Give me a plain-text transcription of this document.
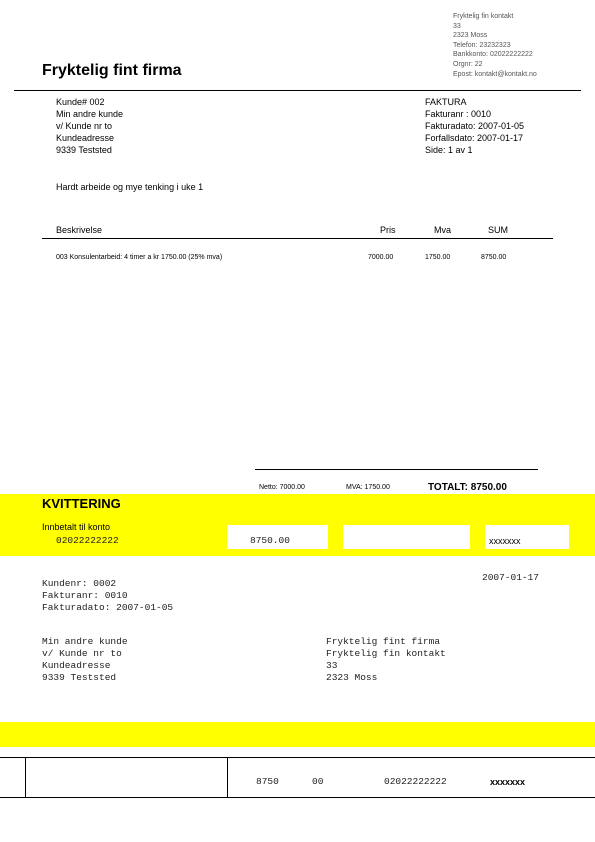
Fryktelig fin kontakt
33
2323 Moss
Telefon: 23232323
Bankkonto: 02022222222
Orgnr: 22
Epost: kontakt@kontakt.no
Fryktelig fint firma
Kunde# 002
Min andre kunde
v/ Kunde nr to
Kundeadresse
9339 Teststed
FAKTURA
Fakturanr : 0010
Fakturadato: 2007-01-05
Forfallsdato: 2007-01-17
Side: 1 av 1
Hardt arbeide og mye tenking i uke 1
Beskrivelse	Pris	Mva	SUM
003 Konsulentarbeid: 4 timer a kr 1750.00 (25% mva)	7000.00	1750.00	8750.00
Netto: 7000.00	MVA: 1750.00	TOTALT: 8750.00
KVITTERING
Innbetalt til konto
02022222222	8750.00	xxxxxxx
2007-01-17
Kundenr: 0002
Fakturanr: 0010
Fakturadato: 2007-01-05
Min andre kunde
v/ Kunde nr to
Kundeadresse
9339 Teststed
Fryktelig fint firma
Fryktelig fin kontakt
33
2323 Moss
8750	00	02022222222	xxxxxxx
